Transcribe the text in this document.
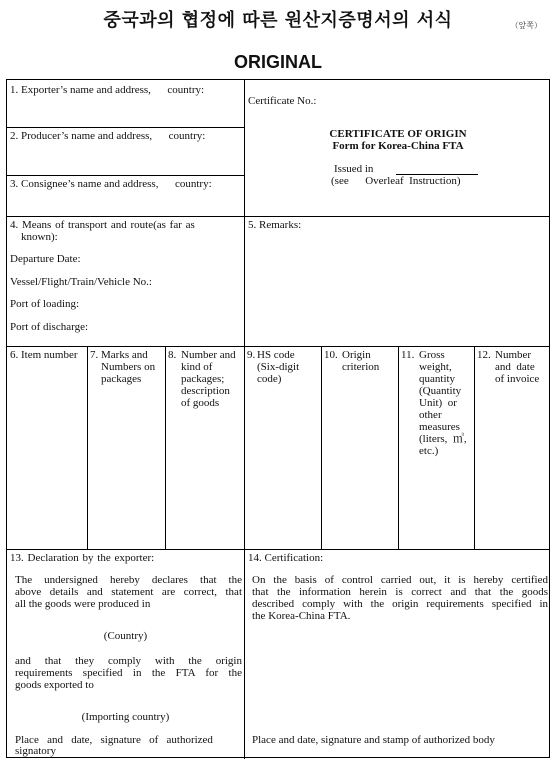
중국과의 협정에 따른 원산지증명서의 서식	（앞쪽）
ORIGINAL
1. Exporter’s name and address,      country:
2. Producer’s name and address,      country:
3. Consignee’s name and address,      country:
Certificate No.:
CERTIFICATE OF ORIGIN
Form for Korea-China FTA
Issued in
(see      Overleaf  Instruction)
4. Means of transport and route(as far as
known):
Departure Date:
Vessel/Flight/Train/Vehicle No.:
Port of loading:
Port of discharge:
5. Remarks:
6. Item number 7. Marks and
Numbers on
packages
8. Number and
kind of
packages;
description
of goods
9. HS code
(Six-digit
code)
10. Origin
criterion
11. Gross
weight,
quantity
(Quantity
Unit)  or
other
measures
(liters,  ㎥,
etc.)
12. Number
and  date
of invoice
13. Declaration by the exporter:
The undersigned hereby declares that the
above details and statement are correct, that
all the goods were produced in
(Country)
and that they comply with the origin
requirements specified in the FTA for the
goods exported to
(Importing country)
Place   and   date,   signature   of   authorized
signatory
14. Certification:
On the basis of control carried out, it is hereby certified
that the information herein is correct and that the goods
described comply with the origin requirements specified in
the Korea-China FTA.
Place and date, signature and stamp of authorized body
